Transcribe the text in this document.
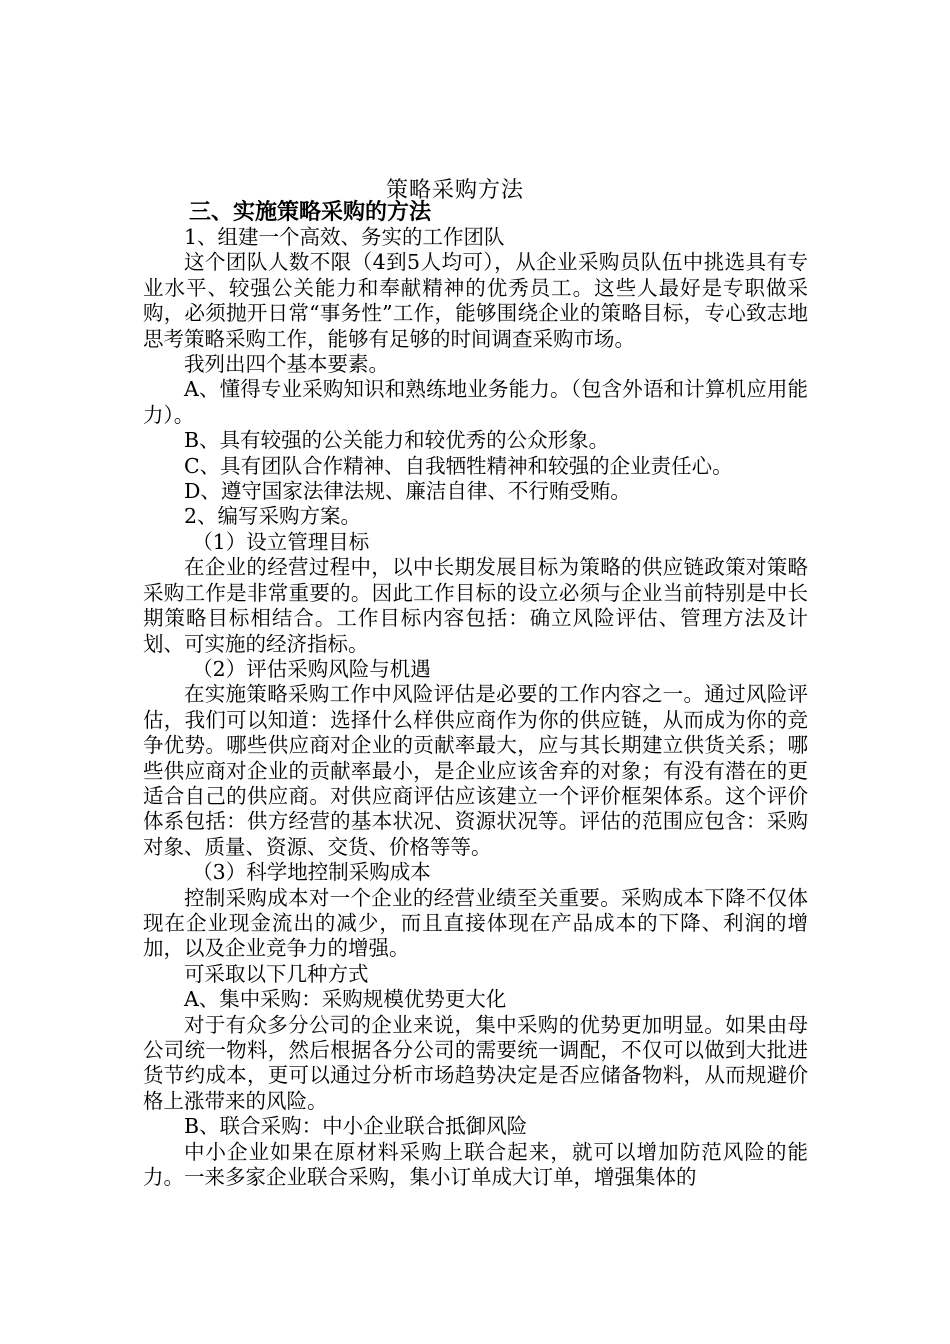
策略采购方法
三、实施策略采购的方法

1、组建一个高效、务实的工作团队

这个团队人数不限（4到5人均可），从企业采购员队伍中挑选具有专业水平、较强公关能力和奉献精神的优秀员工。这些人最好是专职做采购，必须抛开日常“事务性”工作，能够围绕企业的策略目标，专心致志地思考策略采购工作，能够有足够的时间调查采购市场。

我列出四个基本要素。

A、懂得专业采购知识和熟练地业务能力。（包含外语和计算机应用能力）。

B、具有较强的公关能力和较优秀的公众形象。

C、具有团队合作精神、自我牺牲精神和较强的企业责任心。

D、遵守国家法律法规、廉洁自律、不行贿受贿。

2、编写采购方案。

（1）设立管理目标

在企业的经营过程中，以中长期发展目标为策略的供应链政策对策略采购工作是非常重要的。因此工作目标的设立必须与企业当前特别是中长期策略目标相结合。工作目标内容包括：确立风险评估、管理方法及计划、可实施的经济指标。

（2）评估采购风险与机遇

在实施策略采购工作中风险评估是必要的工作内容之一。通过风险评估，我们可以知道：选择什么样供应商作为你的供应链，从而成为你的竞争优势。哪些供应商对企业的贡献率最大，应与其长期建立供货关系；哪些供应商对企业的贡献率最小，是企业应该舍弃的对象；有没有潜在的更适合自己的供应商。对供应商评估应该建立一个评价框架体系。这个评价体系包括：供方经营的基本状况、资源状况等。评估的范围应包含：采购对象、质量、资源、交货、价格等等。

（3）科学地控制采购成本

控制采购成本对一个企业的经营业绩至关重要。采购成本下降不仅体现在企业现金流出的减少，而且直接体现在产品成本的下降、利润的增加，以及企业竞争力的增强。

可采取以下几种方式

A、集中采购：采购规模优势更大化

对于有众多分公司的企业来说，集中采购的优势更加明显。如果由母公司统一物料，然后根据各分公司的需要统一调配，不仅可以做到大批进货节约成本，更可以通过分析市场趋势决定是否应储备物料，从而规避价格上涨带来的风险。

B、联合采购：中小企业联合抵御风险

中小企业如果在原材料采购上联合起来，就可以增加防范风险的能力。一来多家企业联合采购，集小订单成大订单，增强集体的
